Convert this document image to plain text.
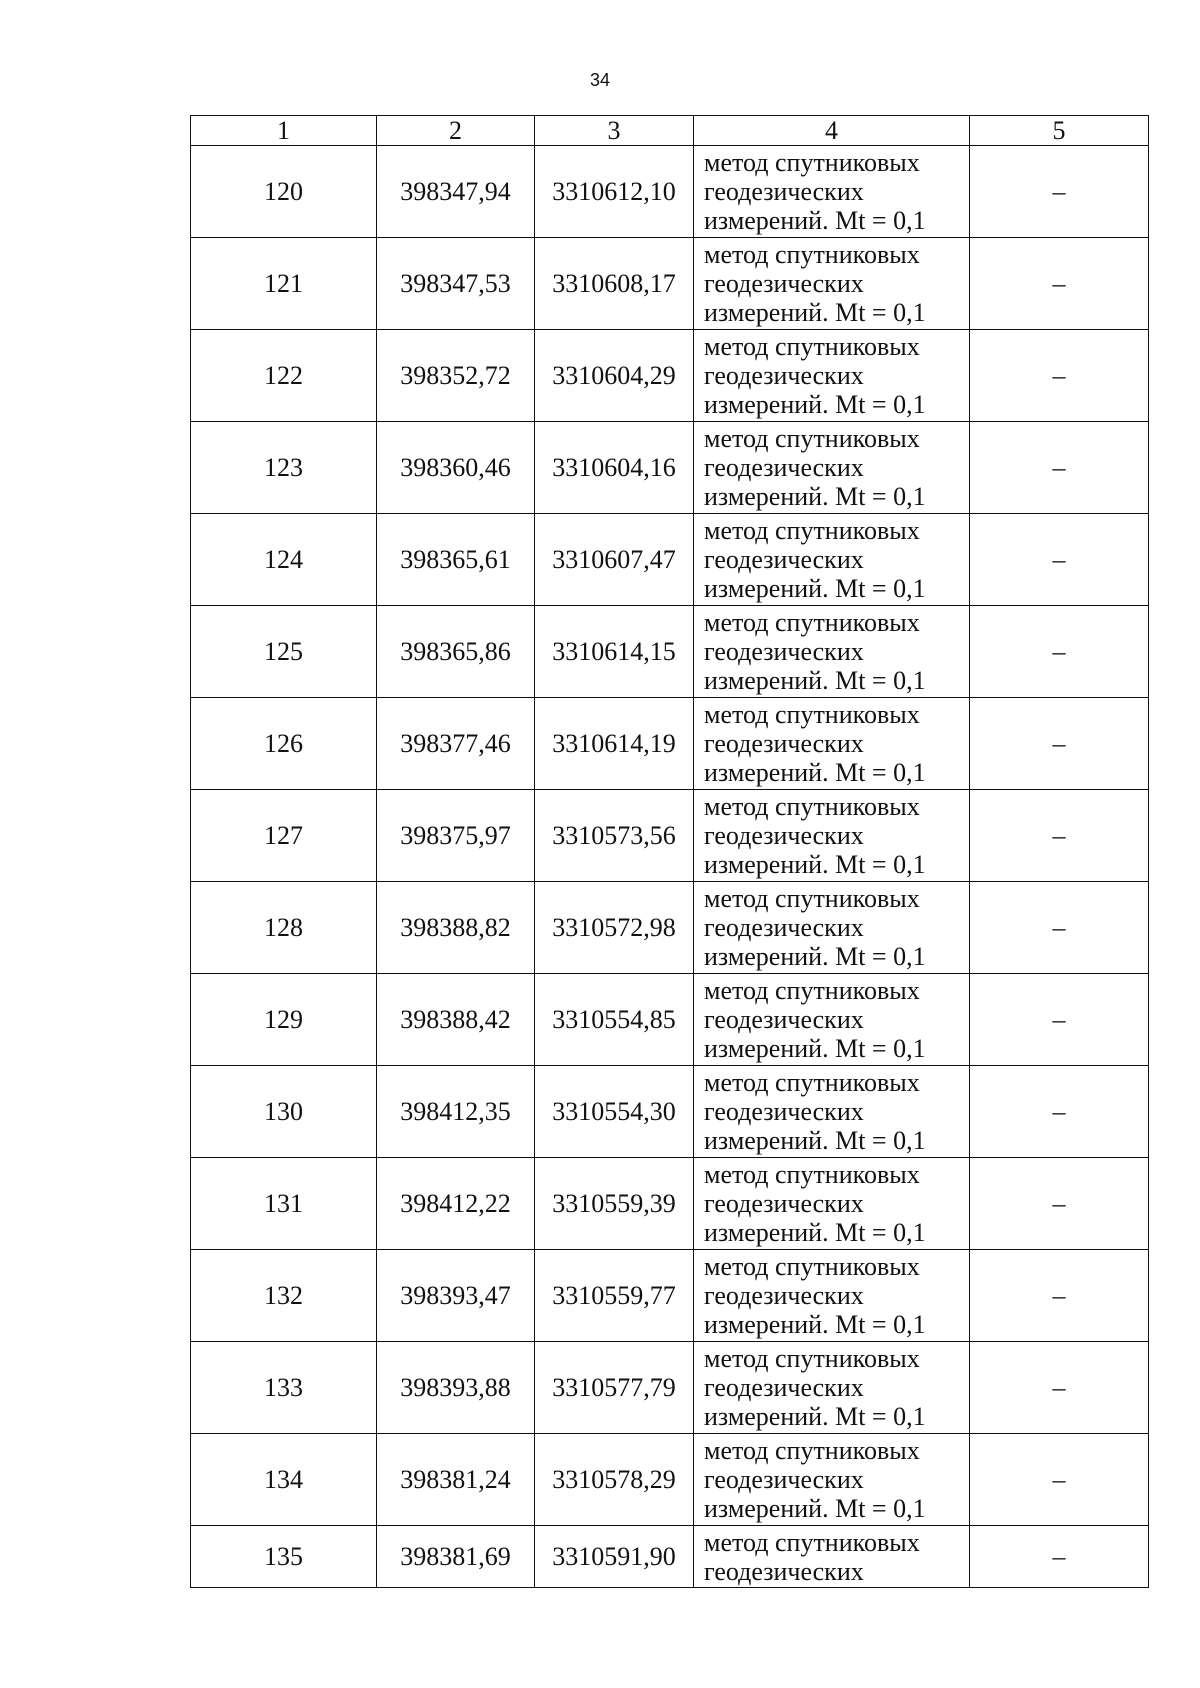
34
1	2	3	4	5
120	398347,94	3310612,10	метод спутниковых
геодезических
измерений. Mt = 0,1	–
121	398347,53	3310608,17	метод спутниковых
геодезических
измерений. Mt = 0,1	–
122	398352,72	3310604,29	метод спутниковых
геодезических
измерений. Mt = 0,1	–
123	398360,46	3310604,16	метод спутниковых
геодезических
измерений. Mt = 0,1	–
124	398365,61	3310607,47	метод спутниковых
геодезических
измерений. Mt = 0,1	–
125	398365,86	3310614,15	метод спутниковых
геодезических
измерений. Mt = 0,1	–
126	398377,46	3310614,19	метод спутниковых
геодезических
измерений. Mt = 0,1	–
127	398375,97	3310573,56	метод спутниковых
геодезических
измерений. Mt = 0,1	–
128	398388,82	3310572,98	метод спутниковых
геодезических
измерений. Mt = 0,1	–
129	398388,42	3310554,85	метод спутниковых
геодезических
измерений. Mt = 0,1	–
130	398412,35	3310554,30	метод спутниковых
геодезических
измерений. Mt = 0,1	–
131	398412,22	3310559,39	метод спутниковых
геодезических
измерений. Mt = 0,1	–
132	398393,47	3310559,77	метод спутниковых
геодезических
измерений. Mt = 0,1	–
133	398393,88	3310577,79	метод спутниковых
геодезических
измерений. Mt = 0,1	–
134	398381,24	3310578,29	метод спутниковых
геодезических
измерений. Mt = 0,1	–
135	398381,69	3310591,90	метод спутниковых
геодезических	–
